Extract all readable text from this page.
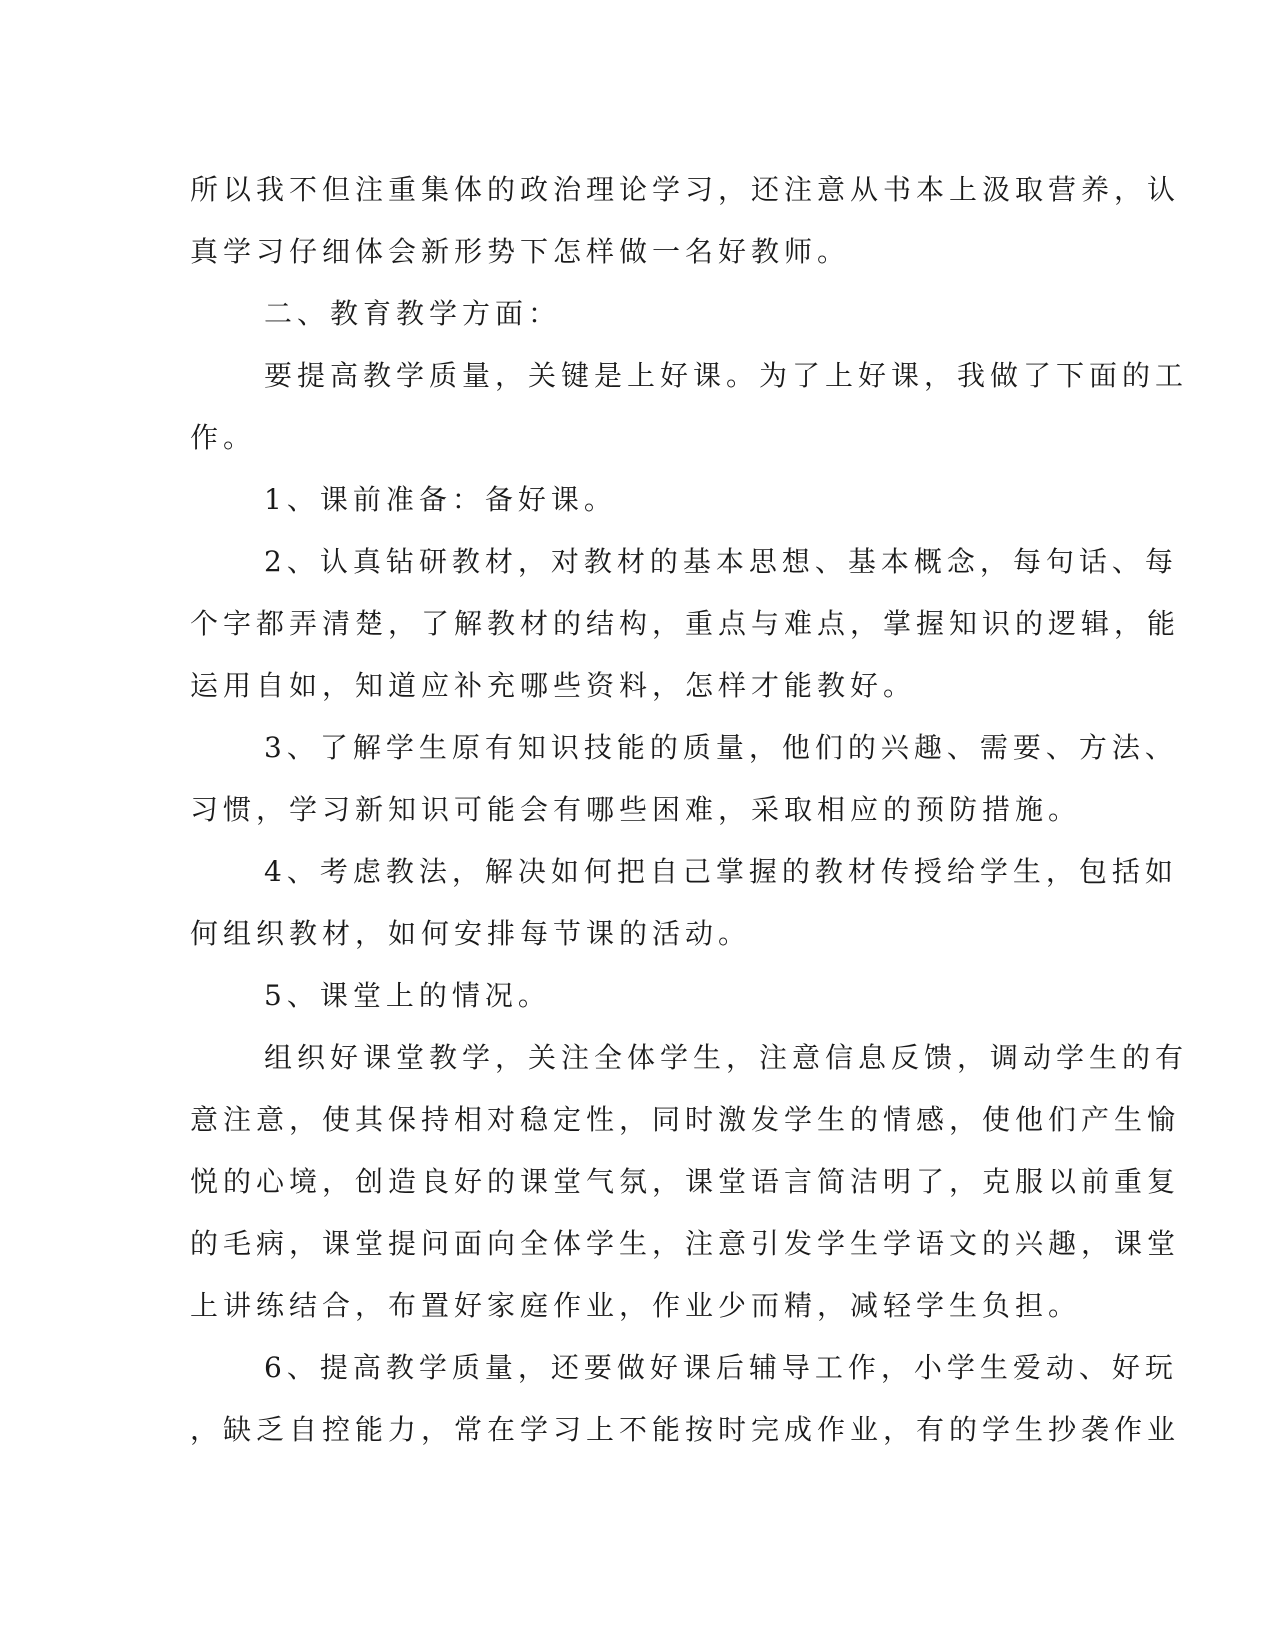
所以我不但注重集体的政治理论学习，还注意从书本上汲取营养，认
真学习仔细体会新形势下怎样做一名好教师。
二、教育教学方面：
要提高教学质量，关键是上好课。为了上好课，我做了下面的工
作。
1、课前准备：备好课。
2、认真钻研教材，对教材的基本思想、基本概念，每句话、每
个字都弄清楚，了解教材的结构，重点与难点，掌握知识的逻辑，能
运用自如，知道应补充哪些资料，怎样才能教好。
3、了解学生原有知识技能的质量，他们的兴趣、需要、方法、
习惯，学习新知识可能会有哪些困难，采取相应的预防措施。
4、考虑教法，解决如何把自己掌握的教材传授给学生，包括如
何组织教材，如何安排每节课的活动。
5、课堂上的情况。
组织好课堂教学，关注全体学生，注意信息反馈，调动学生的有
意注意，使其保持相对稳定性，同时激发学生的情感，使他们产生愉
悦的心境，创造良好的课堂气氛，课堂语言简洁明了，克服以前重复
的毛病，课堂提问面向全体学生，注意引发学生学语文的兴趣，课堂
上讲练结合，布置好家庭作业，作业少而精，减轻学生负担。
6、提高教学质量，还要做好课后辅导工作，小学生爱动、好玩
，缺乏自控能力，常在学习上不能按时完成作业，有的学生抄袭作业
